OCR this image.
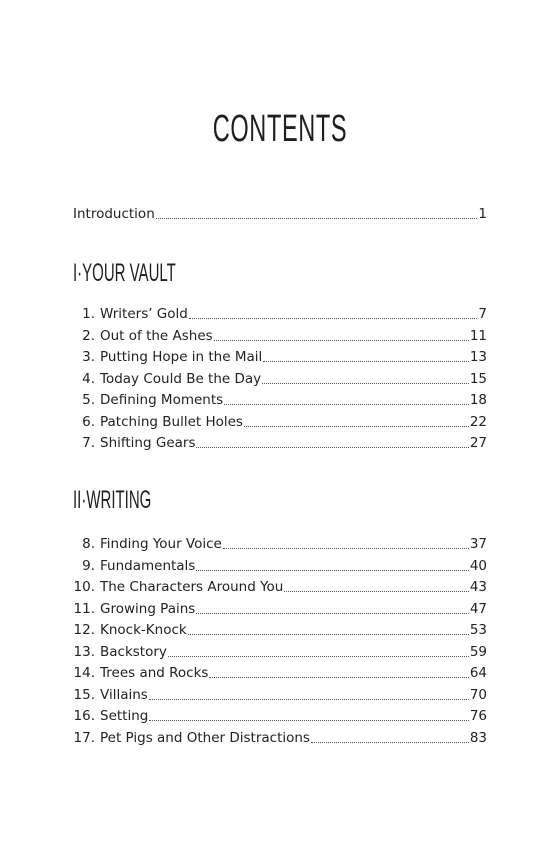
CONTENTS
Introduction	1
I·YOUR VAULT
1. Writers’ Gold	7
2. Out of the Ashes	11
3. Putting Hope in the Mail	13
4. Today Could Be the Day	15
5. Defining Moments	18
6. Patching Bullet Holes	22
7. Shifting Gears	27
II·WRITING
8. Finding Your Voice	37
9. Fundamentals	40
10. The Characters Around You	43
11. Growing Pains	47
12. Knock-Knock	53
13. Backstory	59
14. Trees and Rocks	64
15. Villains	70
16. Setting	76
17. Pet Pigs and Other Distractions	83
